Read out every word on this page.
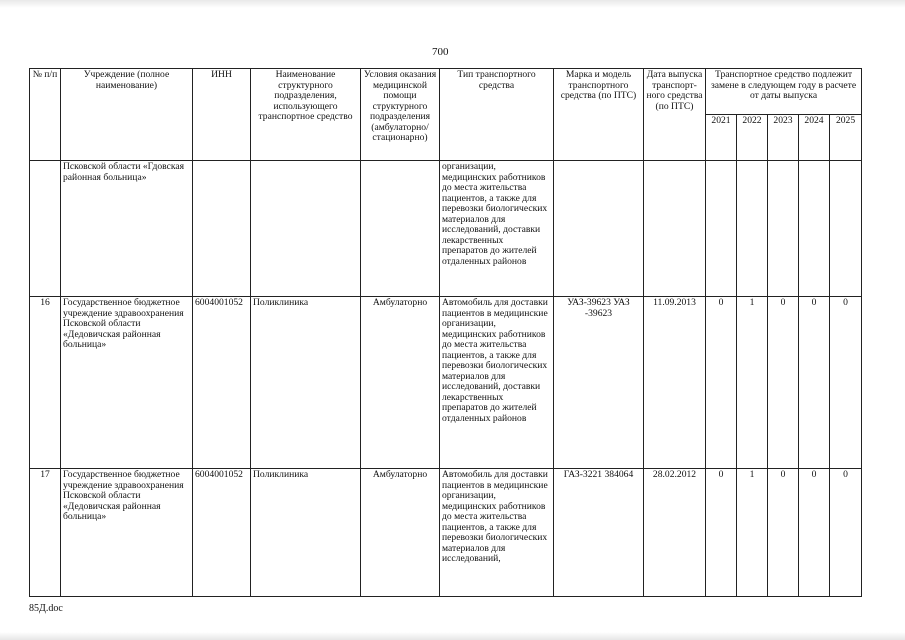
700
№ п/п	Учреждение (полное наименование)	ИНН	Наименование структурного подразделения, использующего транспортное средство	Условия оказания медицинской помощи структурного подразделения (амбулаторно/ стационарно)	Тип транспортного средства	Марка и модель транспортного средства (по ПТС)	Дата выпуска транспорт-ного средства (по ПТС)	Транспортное средство подлежит замене в следующем году в расчете от даты выпуска				
								2021	2022	2023	2024	2025
	Псковской области «Гдовская районная больница»				организации, медицинских работников до места жительства пациентов, а также для перевозки биологических материалов для исследований, доставки лекарственных препаратов до жителей отдаленных районов							
16	Государственное бюджетное учреждение здравоохранения Псковской области «Дедовичская районная больница»	6004001052	Поликлиника	Амбулаторно	Автомобиль для доставки пациентов в медицинские организации, медицинских работников до места жительства пациентов, а также для перевозки биологических материалов для исследований, доставки лекарственных препаратов до жителей отдаленных районов	УАЗ-39623 УАЗ -39623	11.09.2013	0	1	0	0	0
17	Государственное бюджетное учреждение здравоохранения Псковской области «Дедовичская районная больница»	6004001052	Поликлиника	Амбулаторно	Автомобиль для доставки пациентов в медицинские организации, медицинских работников до места жительства пациентов, а также для перевозки биологических материалов для исследований,	ГАЗ-3221 384064	28.02.2012	0	1	0	0	0
85Д.doc
